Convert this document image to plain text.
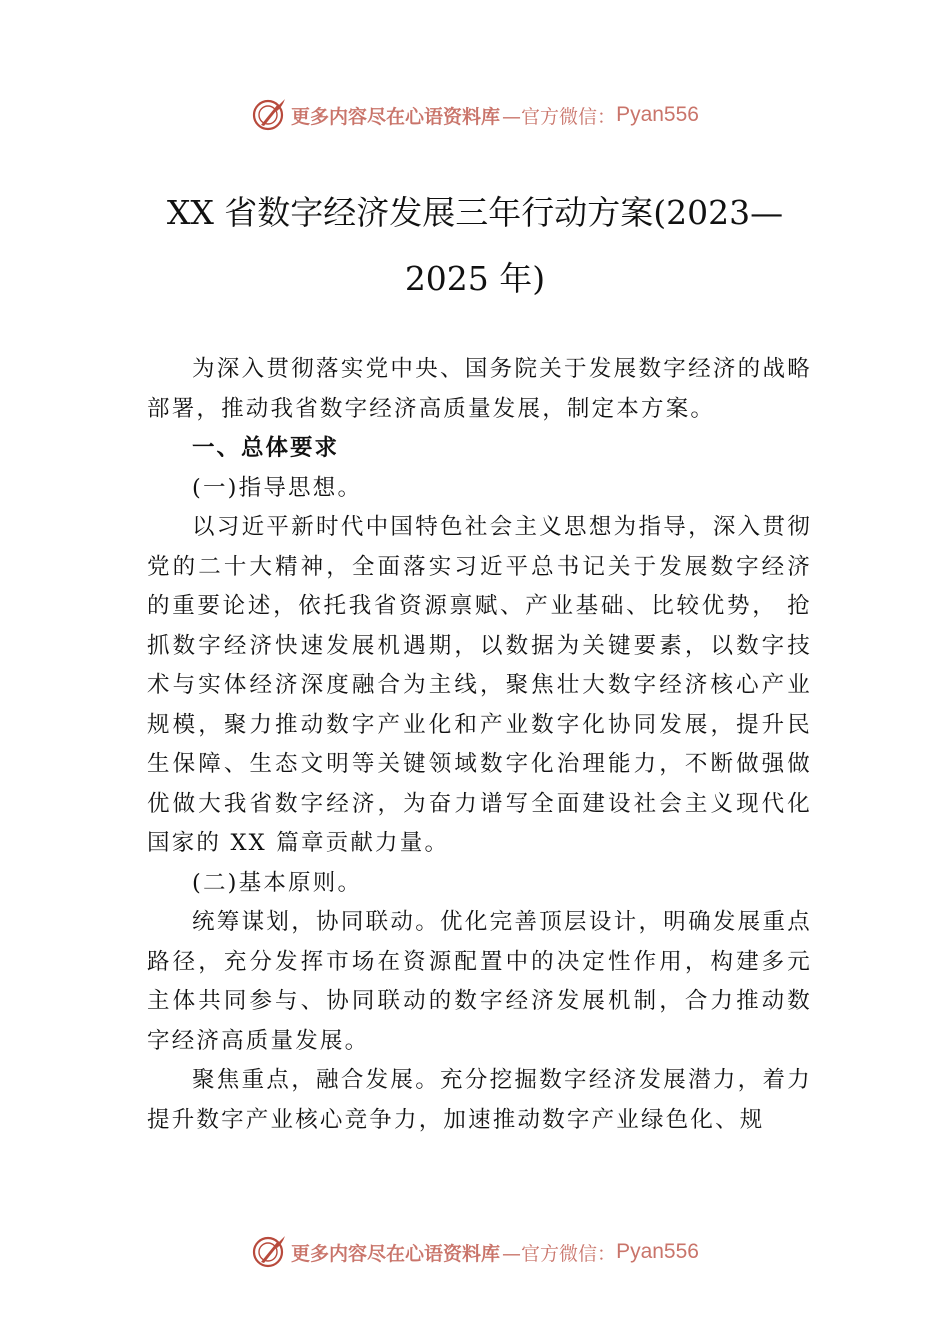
更多内容尽在心语资料库 —官方微信： Pyan556
XX 省数字经济发展三年行动方案(2023—
2025 年)

为深入贯彻落实党中央、国务院关于发展数字经济的战略部署，推动我省数字经济高质量发展，制定本方案。

一、总体要求

(一)指导思想。

以习近平新时代中国特色社会主义思想为指导，深入贯彻党的二十大精神，全面落实习近平总书记关于发展数字经济的重要论述，依托我省资源禀赋、产业基础、比较优势， 抢抓数字经济快速发展机遇期，以数据为关键要素，以数字技术与实体经济深度融合为主线，聚焦壮大数字经济核心产业规模，聚力推动数字产业化和产业数字化协同发展，提升民生保障、生态文明等关键领域数字化治理能力，不断做强做优做大我省数字经济，为奋力谱写全面建设社会主义现代化国家的 XX 篇章贡献力量。

(二)基本原则。

统筹谋划，协同联动。优化完善顶层设计，明确发展重点路径，充分发挥市场在资源配置中的决定性作用，构建多元主体共同参与、协同联动的数字经济发展机制，合力推动数字经济高质量发展。

聚焦重点，融合发展。充分挖掘数字经济发展潜力，着力提升数字产业核心竞争力，加速推动数字产业绿色化、规

更多内容尽在心语资料库 —官方微信： Pyan556
